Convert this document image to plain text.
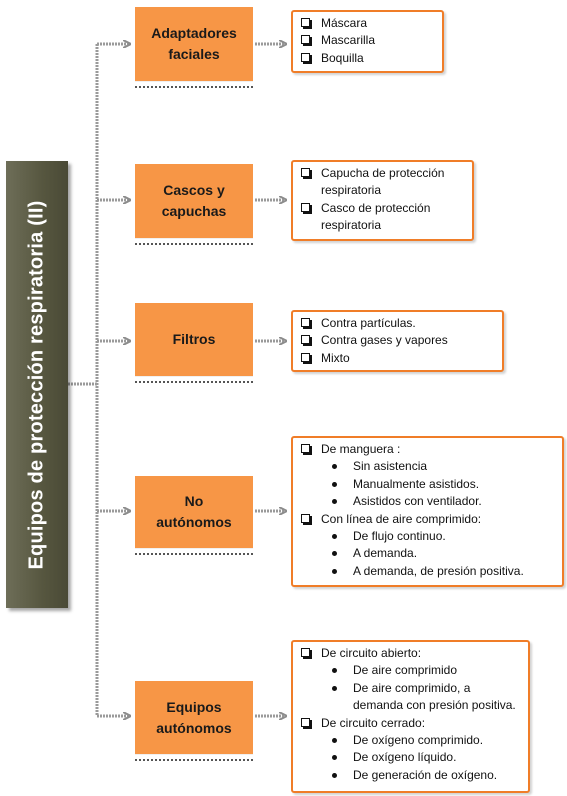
Equipos de protección respiratoria (II)
Adaptadores faciales
Máscara
Mascarilla
Boquilla
Cascos y capuchas
Capucha de protección respiratoria
Casco de protección respiratoria
Filtros
Contra partículas.
Contra gases y vapores
Mixto
No autónomos
De manguera :
Sin asistencia
Manualmente asistidos.
Asistidos con ventilador.
Con línea de aire comprimido:
De flujo continuo.
A demanda.
A demanda, de presión positiva.
Equipos autónomos
De circuito abierto:
De aire comprimido
De aire comprimido, a demanda con presión positiva.
De circuito cerrado:
De oxígeno comprimido.
De oxígeno líquido.
De generación de oxígeno.
